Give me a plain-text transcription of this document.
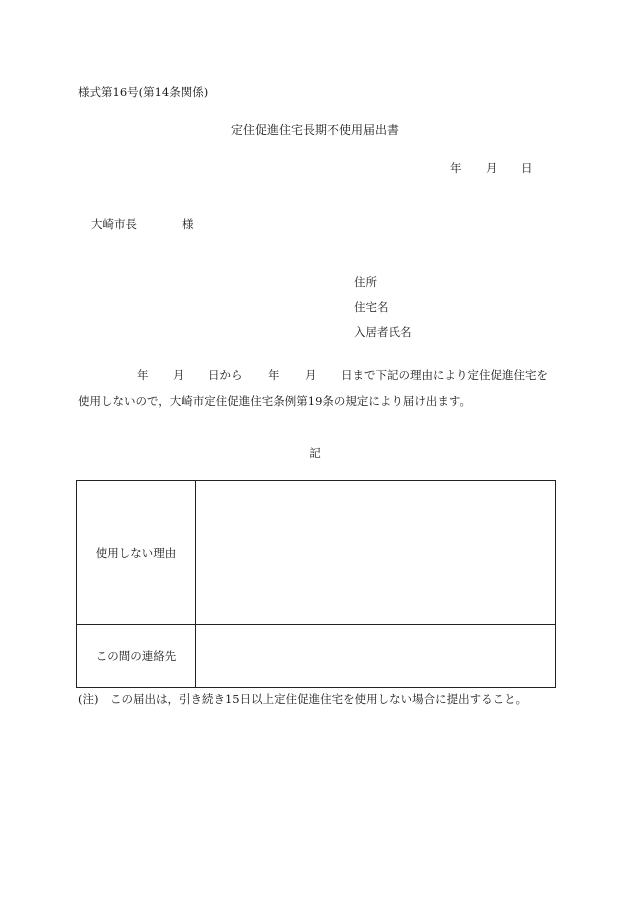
様式第16号(第14条関係)
定住促進住宅長期不使用届出書
年 月 日
大崎市長	様
住所
住宅名
入居者氏名
年 月 日から 年 月 日まで下記の理由により定住促進住宅を
使用しないので，大崎市定住促進住宅条例第19条の規定により届け出ます。
記
使用しない理由
この間の連絡先
(注)　この届出は，引き続き15日以上定住促進住宅を使用しない場合に提出すること。
